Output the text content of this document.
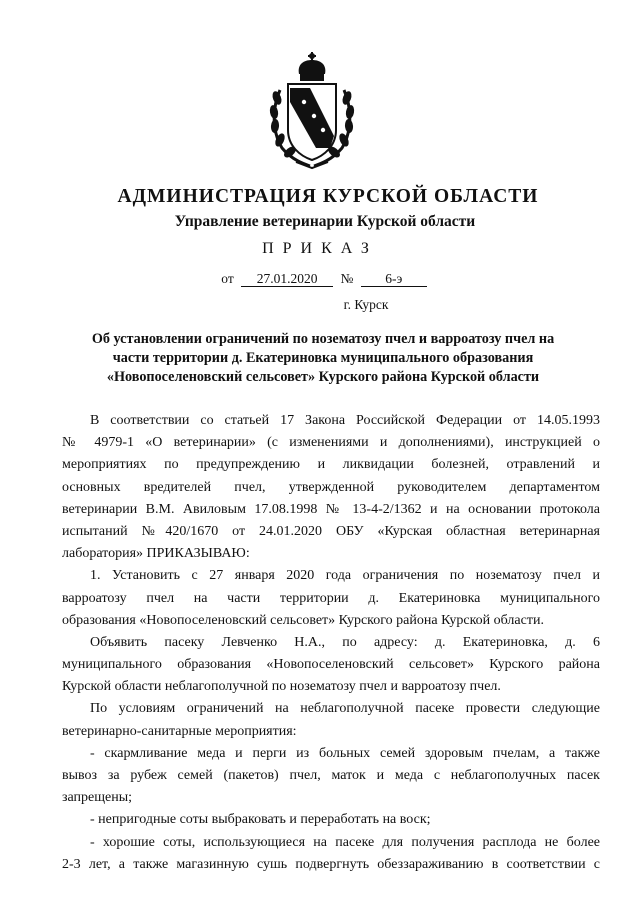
АДМИНИСТРАЦИЯ КУРСКОЙ ОБЛАСТИ
Управление ветеринарии Курской области
ПРИКАЗ
от 27.01.2020 № 6-э
г. Курск
Об установлении ограничений по нозематозу пчел и варроатозу пчел на
части территории д. Екатериновка муниципального образования
«Новопоселеновский сельсовет» Курского района Курской области
В соответствии со статьей 17 Закона Российской Федерации от 14.05.1993
№ 4979-1 «О ветеринарии» (с изменениями и дополнениями), инструкцией о
мероприятиях по предупреждению и ликвидации болезней, отравлений и
основных вредителей пчел, утвержденной руководителем департаментом
ветеринарии В.М. Авиловым 17.08.1998 № 13-4-2/1362 и на основании протокола
испытаний №420/1670 от 24.01.2020 ОБУ «Курская областная ветеринарная
лаборатория» ПРИКАЗЫВАЮ:
1. Установить с 27 января 2020 года ограничения по нозематозу пчел и
варроатозу пчел на части территории д. Екатериновка муниципального
образования «Новопоселеновский сельсовет» Курского района Курской области.
Объявить пасеку Левченко Н.А., по адресу: д. Екатериновка, д. 6
муниципального образования «Новопоселеновский сельсовет» Курского района
Курской области неблагополучной по нозематозу пчел и варроатозу пчел.
По условиям ограничений на неблагополучной пасеке провести следующие
ветеринарно-санитарные мероприятия:
- скармливание меда и перги из больных семей здоровым пчелам, а также
вывоз за рубеж семей (пакетов) пчел, маток и меда с неблагополучных пасек
запрещены;
- непригодные соты выбраковать и переработать на воск;
- хорошие соты, использующиеся на пасеке для получения расплода не более
2-3 лет, а также магазинную сушь подвергнуть обеззараживанию в соответствии с
